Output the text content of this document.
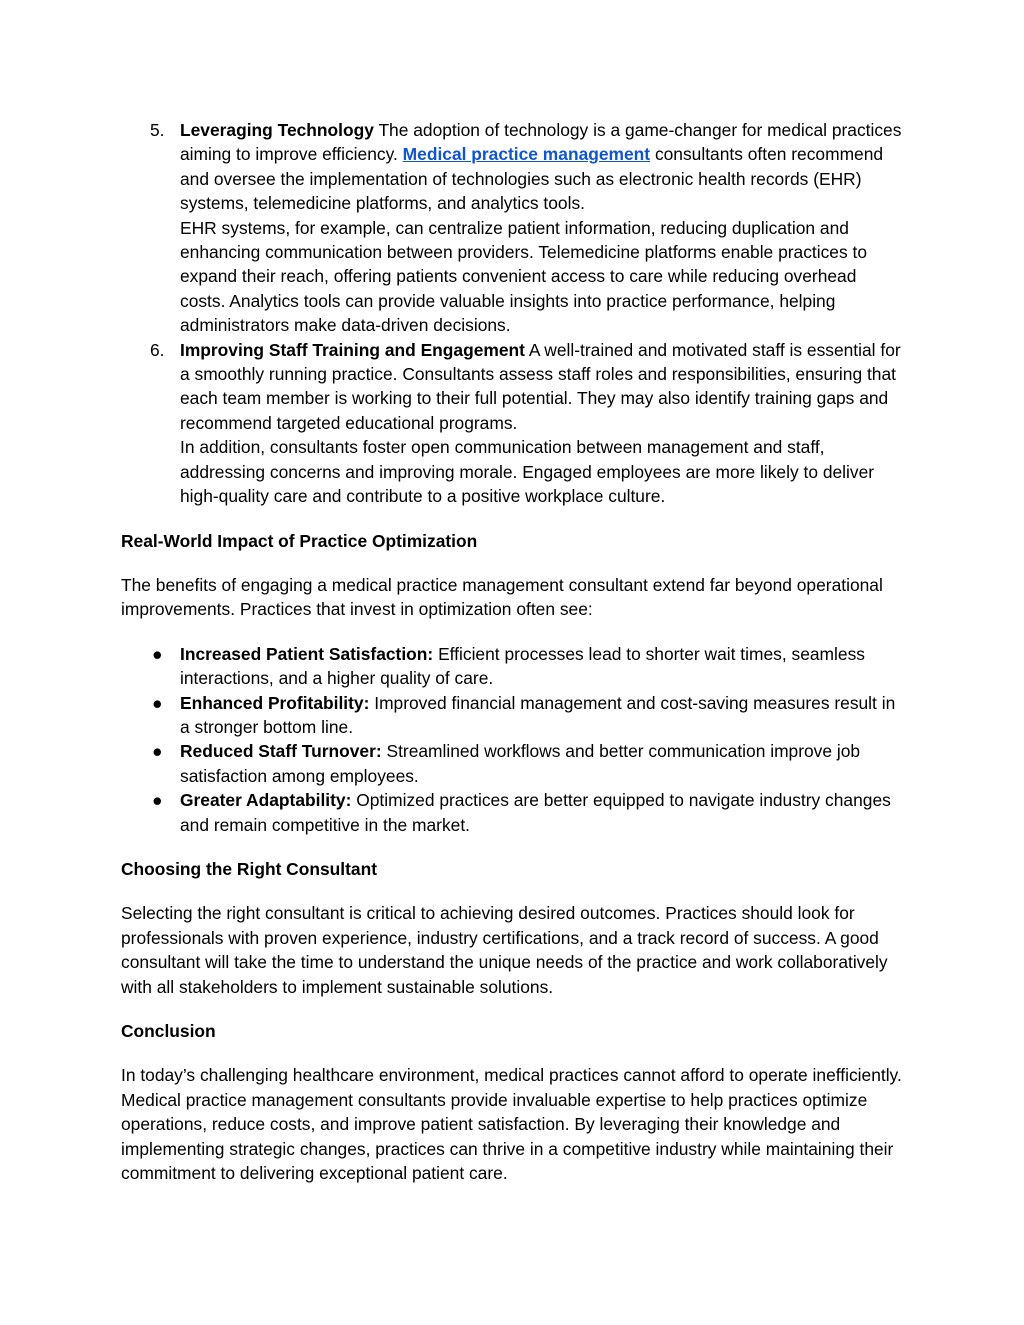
5. Leveraging Technology The adoption of technology is a game-changer for medical practices aiming to improve efficiency. Medical practice management consultants often recommend and oversee the implementation of technologies such as electronic health records (EHR) systems, telemedicine platforms, and analytics tools.

EHR systems, for example, can centralize patient information, reducing duplication and enhancing communication between providers. Telemedicine platforms enable practices to expand their reach, offering patients convenient access to care while reducing overhead costs. Analytics tools can provide valuable insights into practice performance, helping administrators make data-driven decisions.

6. Improving Staff Training and Engagement A well-trained and motivated staff is essential for a smoothly running practice. Consultants assess staff roles and responsibilities, ensuring that each team member is working to their full potential. They may also identify training gaps and recommend targeted educational programs.

In addition, consultants foster open communication between management and staff, addressing concerns and improving morale. Engaged employees are more likely to deliver high-quality care and contribute to a positive workplace culture.

Real-World Impact of Practice Optimization

The benefits of engaging a medical practice management consultant extend far beyond operational improvements. Practices that invest in optimization often see:

● Increased Patient Satisfaction: Efficient processes lead to shorter wait times, seamless interactions, and a higher quality of care.
● Enhanced Profitability: Improved financial management and cost-saving measures result in a stronger bottom line.
● Reduced Staff Turnover: Streamlined workflows and better communication improve job satisfaction among employees.
● Greater Adaptability: Optimized practices are better equipped to navigate industry changes and remain competitive in the market.

Choosing the Right Consultant

Selecting the right consultant is critical to achieving desired outcomes. Practices should look for professionals with proven experience, industry certifications, and a track record of success. A good consultant will take the time to understand the unique needs of the practice and work collaboratively with all stakeholders to implement sustainable solutions.

Conclusion

In today’s challenging healthcare environment, medical practices cannot afford to operate inefficiently. Medical practice management consultants provide invaluable expertise to help practices optimize operations, reduce costs, and improve patient satisfaction. By leveraging their knowledge and implementing strategic changes, practices can thrive in a competitive industry while maintaining their commitment to delivering exceptional patient care.
